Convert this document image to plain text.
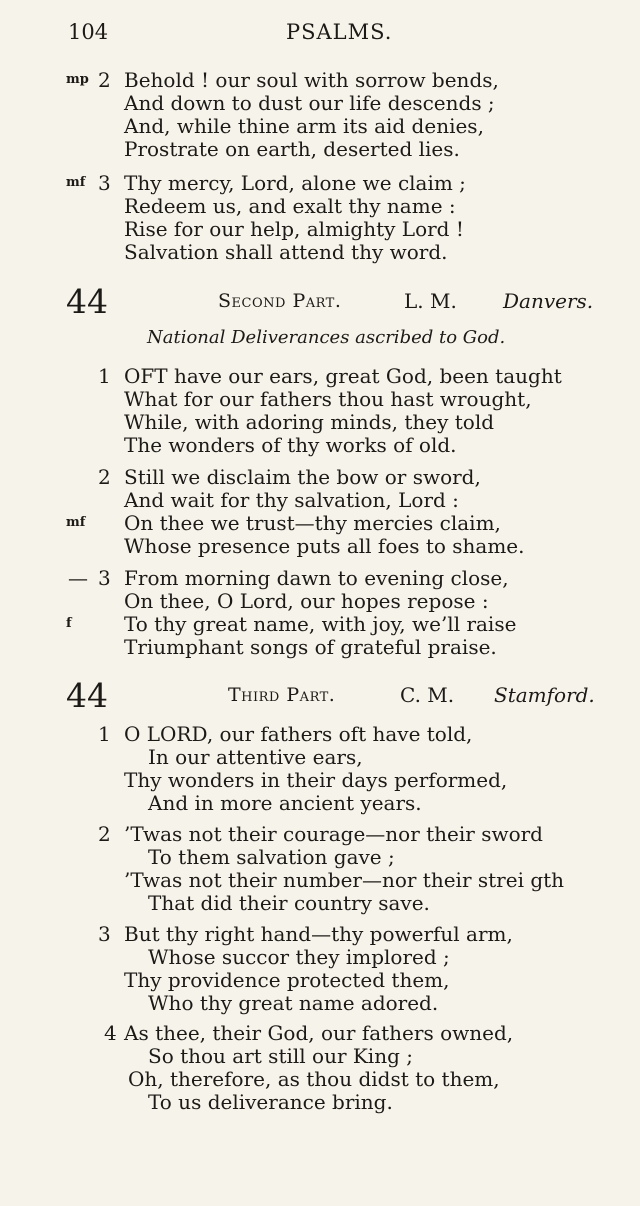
104	PSALMS.
mp 2 Behold ! our soul with sorrow bends,
And down to dust our life descends ;
And, while thine arm its aid denies,
Prostrate on earth, deserted lies.
mf 3 Thy mercy, Lord, alone we claim ;
Redeem us, and exalt thy name :
Rise for our help, almighty Lord !
Salvation shall attend thy word.
44	Second Part.	L. M. Danvers.
National Deliverances ascribed to God.
1 OFT have our ears, great God, been taught
What for our fathers thou hast wrought,
While, with adoring minds, they told
The wonders of thy works of old.
2 Still we disclaim the bow or sword,
And wait for thy salvation, Lord :
mf On thee we trust—thy mercies claim,
Whose presence puts all foes to shame.
— 3 From morning dawn to evening close,
On thee, O Lord, our hopes repose :
f	To thy great name, with joy, we’ll raise
Triumphant songs of grateful praise.
44	Third Part.	C. M. Stamford.
1 O LORD, our fathers oft have told,
In our attentive ears,
Thy wonders in their days performed,
And in more ancient years.
2 ’Twas not their courage—nor their sword
To them salvation gave ;
’Twas not their number—nor their strei gth
That did their country save.
3 But thy right hand—thy powerful arm,
Whose succor they implored ;
Thy providence protected them,
Who thy great name adored.
4 As thee, their God, our fathers owned,
So thou art still our King ;
Oh, therefore, as thou didst to them,
To us deliverance bring.
